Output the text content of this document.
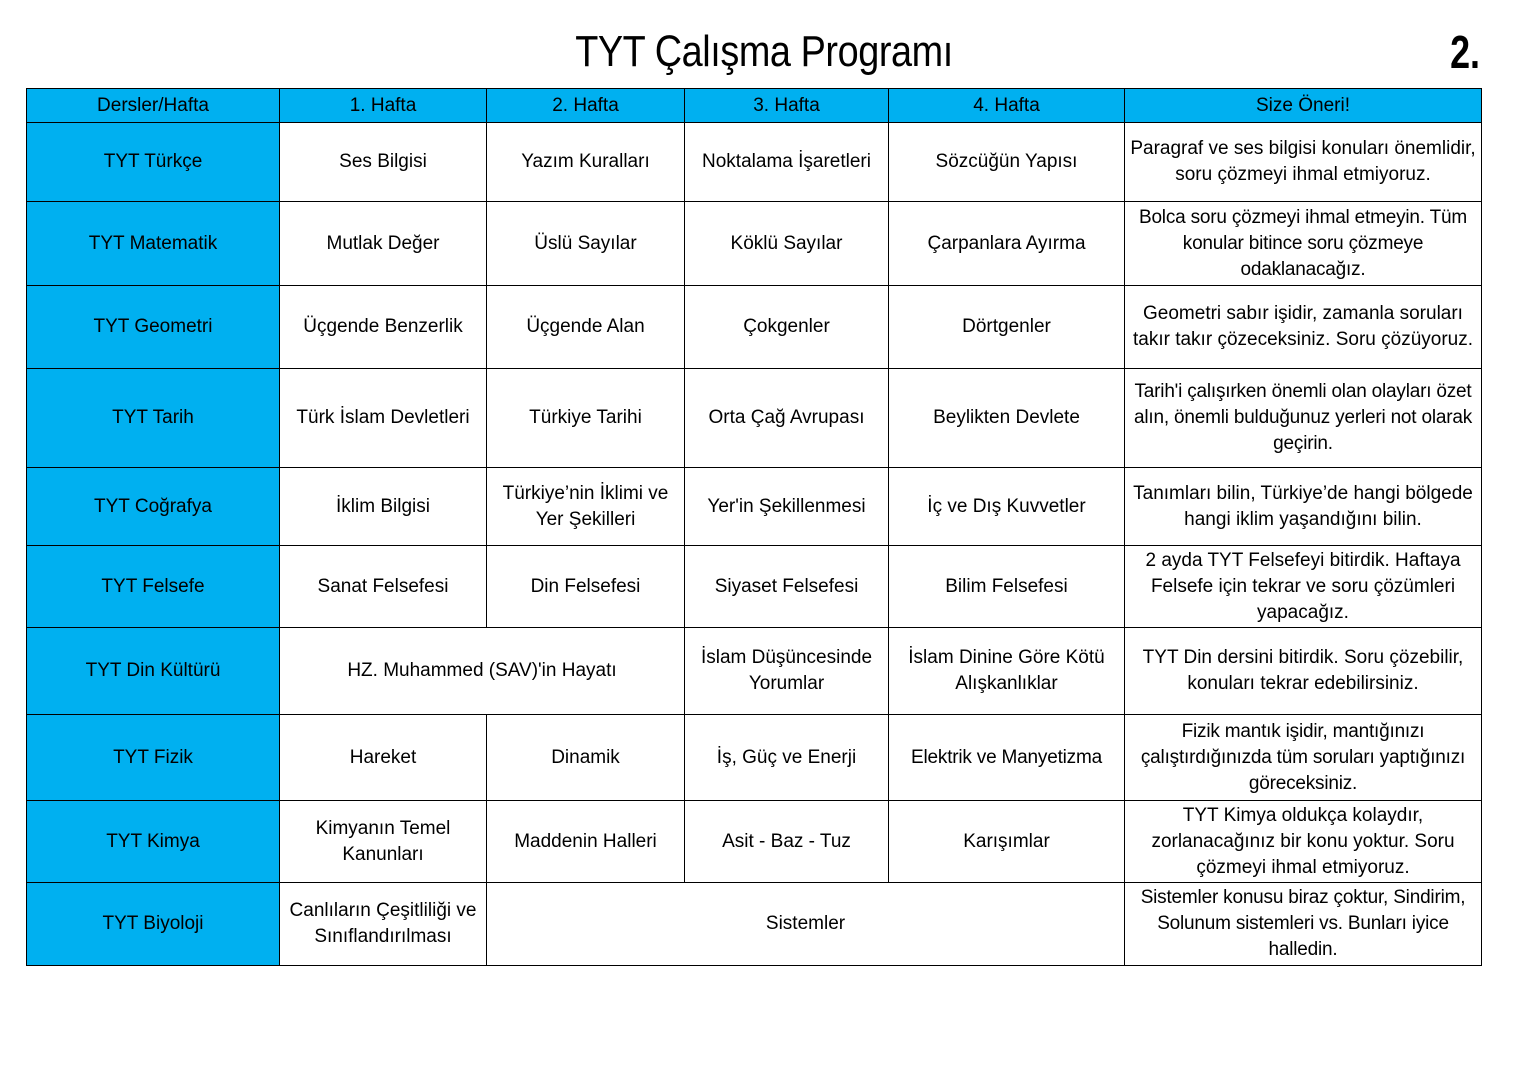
TYT Çalışma Programı	2.
Dersler/Hafta	1. Hafta	2. Hafta	3. Hafta	4. Hafta	Size Öneri!
TYT Türkçe	Ses Bilgisi	Yazım Kuralları	Noktalama İşaretleri	Sözcüğün Yapısı	Paragraf ve ses bilgisi konuları önemlidir, soru çözmeyi ihmal etmiyoruz.
TYT Matematik	Mutlak Değer	Üslü Sayılar	Köklü Sayılar	Çarpanlara Ayırma	Bolca soru çözmeyi ihmal etmeyin. Tüm konular bitince soru çözmeye odaklanacağız.
TYT Geometri	Üçgende Benzerlik	Üçgende Alan	Çokgenler	Dörtgenler	Geometri sabır işidir, zamanla soruları takır takır çözeceksiniz. Soru çözüyoruz.
TYT Tarih	Türk İslam Devletleri	Türkiye Tarihi	Orta Çağ Avrupası	Beylikten Devlete	Tarih'i çalışırken önemli olan olayları özet alın, önemli bulduğunuz yerleri not olarak geçirin.
TYT Coğrafya	İklim Bilgisi	Türkiye’nin İklimi ve Yer Şekilleri	Yer'in Şekillenmesi	İç ve Dış Kuvvetler	Tanımları bilin, Türkiye’de hangi bölgede hangi iklim yaşandığını bilin.
TYT Felsefe	Sanat Felsefesi	Din Felsefesi	Siyaset Felsefesi	Bilim Felsefesi	2 ayda TYT Felsefeyi bitirdik. Haftaya Felsefe için tekrar ve soru çözümleri yapacağız.
TYT Din Kültürü	HZ. Muhammed (SAV)'in Hayatı		İslam Düşüncesinde Yorumlar	İslam Dinine Göre Kötü Alışkanlıklar	TYT Din dersini bitirdik. Soru çözebilir, konuları tekrar edebilirsiniz.
TYT Fizik	Hareket	Dinamik	İş, Güç ve Enerji	Elektrik ve Manyetizma	Fizik mantık işidir, mantığınızı çalıştırdığınızda tüm soruları yaptığınızı göreceksiniz.
TYT Kimya	Kimyanın Temel Kanunları	Maddenin Halleri	Asit - Baz - Tuz	Karışımlar	TYT Kimya oldukça kolaydır, zorlanacağınız bir konu yoktur. Soru çözmeyi ihmal etmiyoruz.
TYT Biyoloji	Canlıların Çeşitliliği ve Sınıflandırılması	Sistemler			Sistemler konusu biraz çoktur, Sindirim, Solunum sistemleri vs. Bunları iyice halledin.
